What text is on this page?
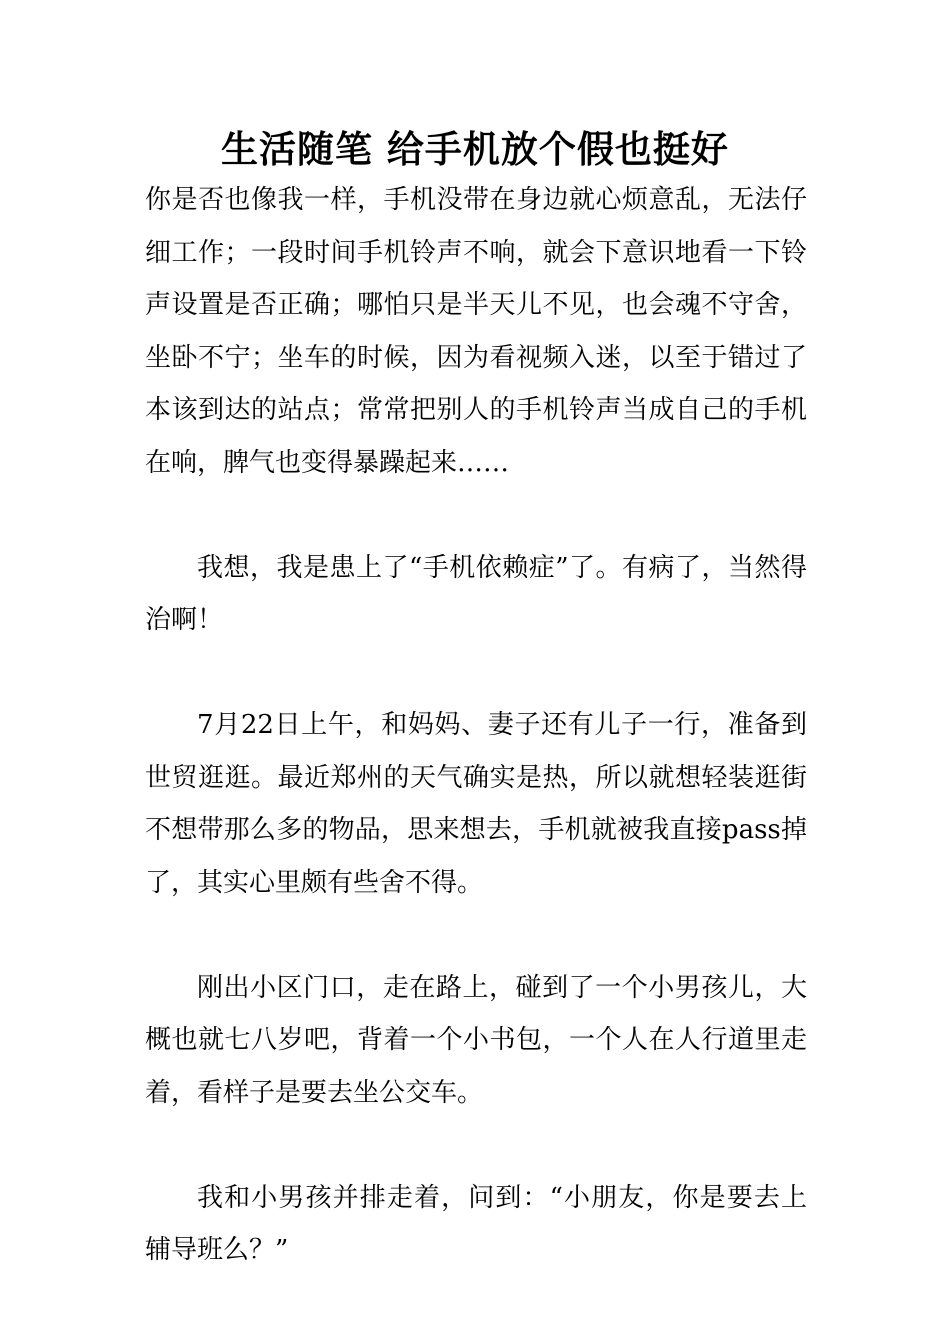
生活随笔 给手机放个假也挺好

你是否也像我一样，手机没带在身边就心烦意乱，无法仔细工作；一段时间手机铃声不响，就会下意识地看一下铃声设置是否正确；哪怕只是半天儿不见，也会魂不守舍，坐卧不宁；坐车的时候，因为看视频入迷，以至于错过了本该到达的站点；常常把别人的手机铃声当成自己的手机在响，脾气也变得暴躁起来……

我想，我是患上了“手机依赖症”了。有病了，当然得治啊！

7月22日上午，和妈妈、妻子还有儿子一行，准备到世贸逛逛。最近郑州的天气确实是热，所以就想轻装逛街不想带那么多的物品，思来想去，手机就被我直接pass掉了，其实心里颇有些舍不得。

刚出小区门口，走在路上，碰到了一个小男孩儿，大概也就七八岁吧，背着一个小书包，一个人在人行道里走着，看样子是要去坐公交车。

我和小男孩并排走着，问到：“小朋友，你是要去上辅导班么？”
